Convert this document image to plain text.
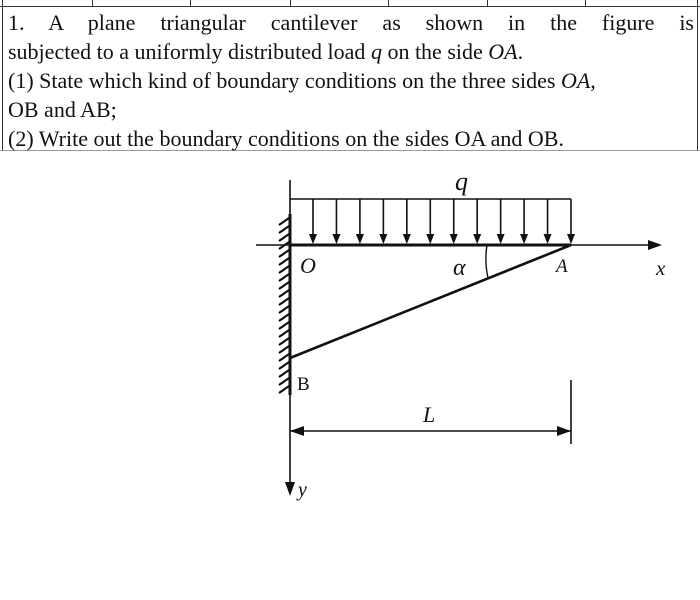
1. A plane triangular cantilever as shown in the figure is
subjected to a uniformly distributed load q on the side OA.
(1) State which kind of boundary conditions on the three sides OA,
OB and AB;
(2) Write out the boundary conditions on the sides OA and OB.
q
O	α	A	x
B
L
y
